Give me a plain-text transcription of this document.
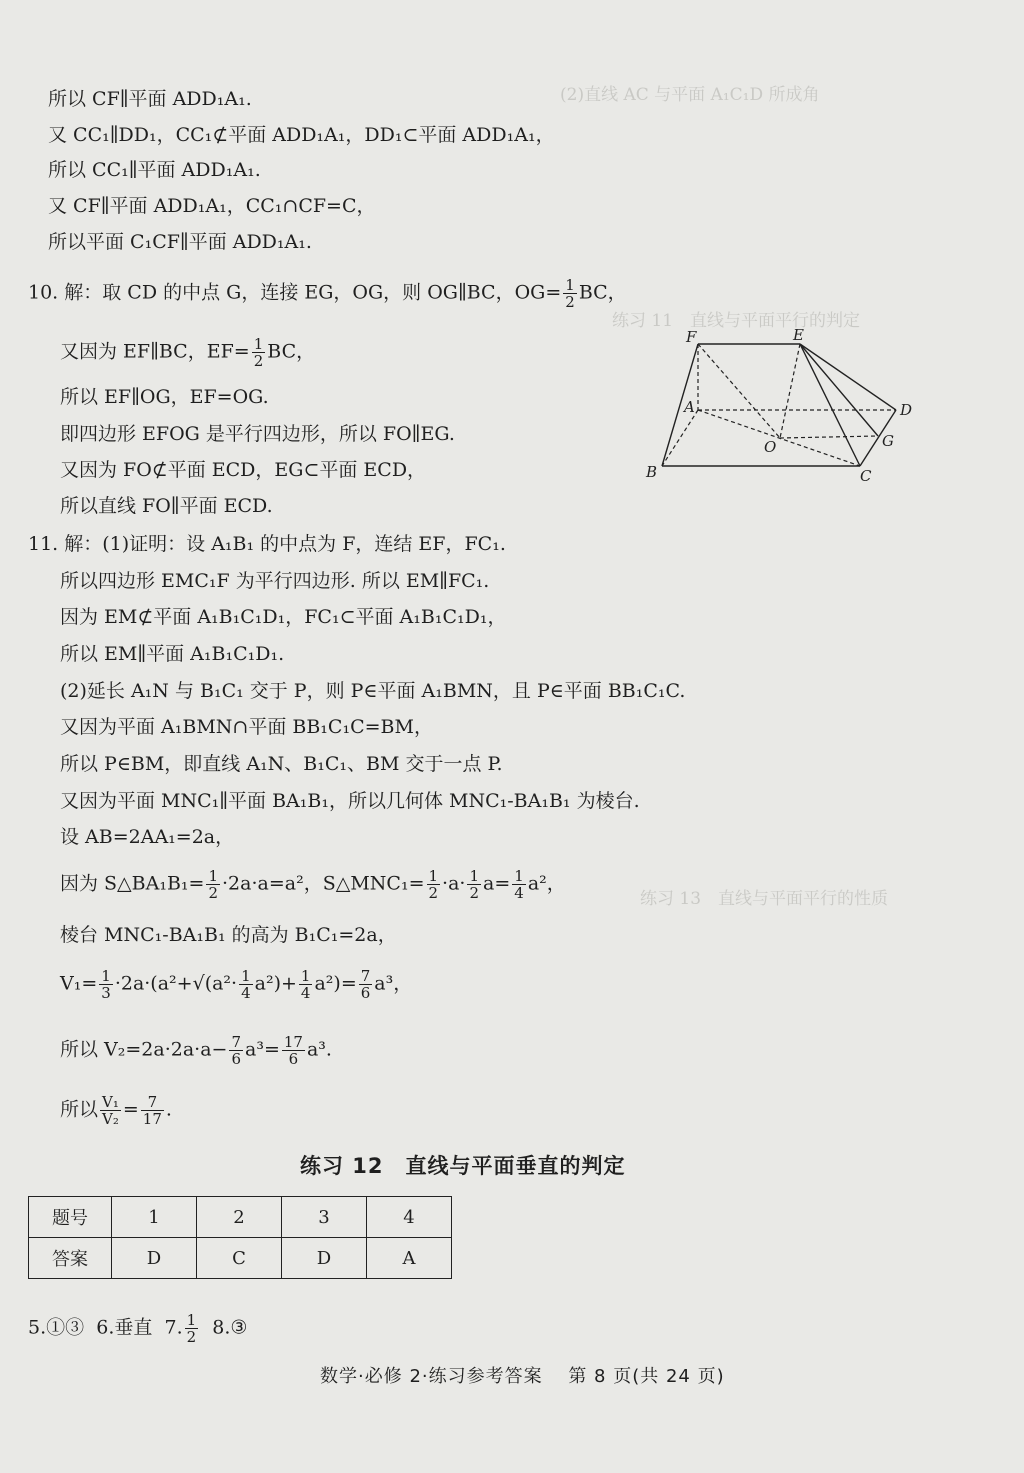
(2)直线 AC 与平面 A₁C₁D 所成角
练习 11　直线与平面平行的判定
练习 13　直线与平面平行的性质
所以 CF∥平面 ADD₁A₁.
又 CC₁∥DD₁，CC₁⊄平面 ADD₁A₁，DD₁⊂平面 ADD₁A₁，
所以 CC₁∥平面 ADD₁A₁.
又 CF∥平面 ADD₁A₁，CC₁∩CF=C，
所以平面 C₁CF∥平面 ADD₁A₁.
10. 解：取 CD 的中点 G，连接 EG，OG，则 OG∥BC，$OG= \frac{1}{2}$ BC，
又因为 EF∥BC，$EF= \frac{1}{2}$ BC，
所以 EF∥OG，EF=OG.
即四边形 EFOG 是平行四边形，所以 FO∥EG.
又因为 FO⊄平面 ECD，EG⊂平面 ECD，
所以直线 FO∥平面 ECD.
F	E
A	D
O	G
B	C
11. 解：(1)证明：设 A₁B₁ 的中点为 F，连结 EF，FC₁.
所以四边形 EMC₁F 为平行四边形. 所以 EM∥FC₁.
因为 EM⊄平面 A₁B₁C₁D₁，FC₁⊂平面 A₁B₁C₁D₁，
所以 EM∥平面 A₁B₁C₁D₁.
(2)延长 A₁N 与 B₁C₁ 交于 P，则 P∈平面 A₁BMN，且 P∈平面 BB₁C₁C.
又因为平面 A₁BMN∩平面 BB₁C₁C=BM，
所以 P∈BM，即直线 A₁N、B₁C₁、BM 交于一点 P.
又因为平面 MNC₁∥平面 BA₁B₁，所以几何体 MNC₁-BA₁B₁ 为棱台.
设 AB=2AA₁=2a，
因为 S△BA₁B₁= $\frac{1}{2} \cdot 2a\cdot a=a^2$，S△MNC₁= $\frac{1}{2} \cdot a\cdot \frac{1}{2} a= \frac{1}{4} a^2$，
棱台 MNC₁-BA₁B₁ 的高为 B₁C₁=2a，
$V_1= \frac{1}{3} \cdot 2a\cdot(a^2+√(a^2\cdot \frac{1}{4} a^2)+ \frac{1}{4} a^2)= \frac{7}{6} a^3$，
所以 $V_2=2a\cdot 2a\cdot a- \frac{7}{6} a^3= \frac{17}{6} a^3$.
所以 $\frac{\text{V₁}}{\text{V₂}} = \frac{7}{17}$ .
练习 12　直线与平面垂直的判定
题号	1	2	3	4
答案	D	C	D	A
5.①③ 6.垂直 7. $\frac{1}{2}$ 8.③
数学·必修 2·练习参考答案　 第 8 页(共 24 页)
